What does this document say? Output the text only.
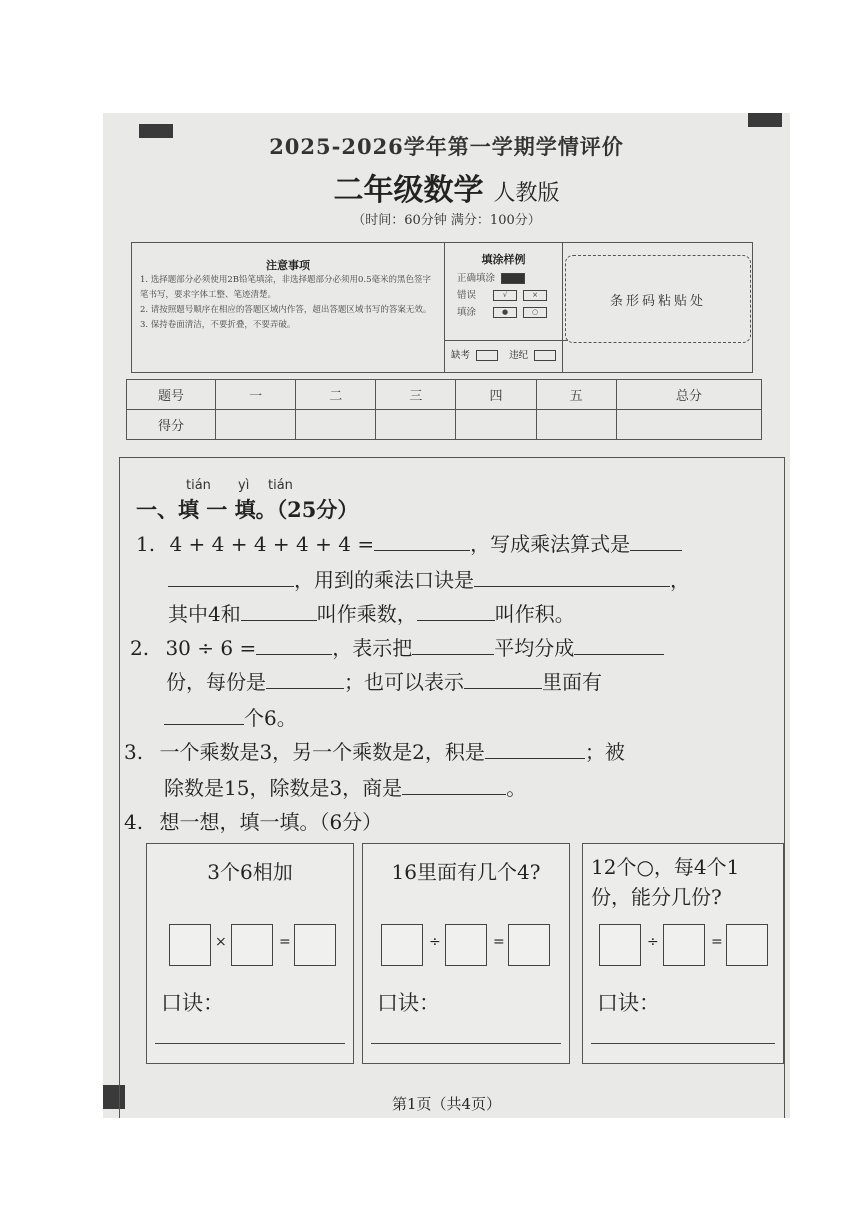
2025-2026学年第一学期学情评价
二年级数学 人教版
（时间：60分钟 满分：100分）
注意事项
1. 选择题部分必须使用2B铅笔填涂，非选择题部分必须用0.5毫米的黑色签字笔书写，要求字体工整、笔迹清楚。
2. 请按照题号顺序在相应的答题区域内作答，超出答题区域书写的答案无效。
3. 保持卷面清洁，不要折叠，不要弄破。
填涂样例
正确填涂
错误	√	×
填涂	●	○
缺考	违纪
条形码粘贴处
题号	一	二	三	四	五	总分
得分						
tián yì tián
一、填 一 填。（25分）
1. 4 + 4 + 4 + 4 + 4 =	，写成乘法算式是
，用到的乘法口诀是	，
其中4和	叫作乘数，	叫作积。
2. 30 ÷ 6 =	，表示把	平均分成
份，每份是	；也可以表示	里面有
个6。
3. 一个乘数是3，另一个乘数是2，积是	；被
除数是15，除数是3，商是	。
4. 想一想，填一填。（6分）
3个6相加
×	=
口诀：
16里面有几个4?
÷	=
口诀：
12个○，每4个1
份，能分几份?
÷	=
口诀：
第1页（共4页）
